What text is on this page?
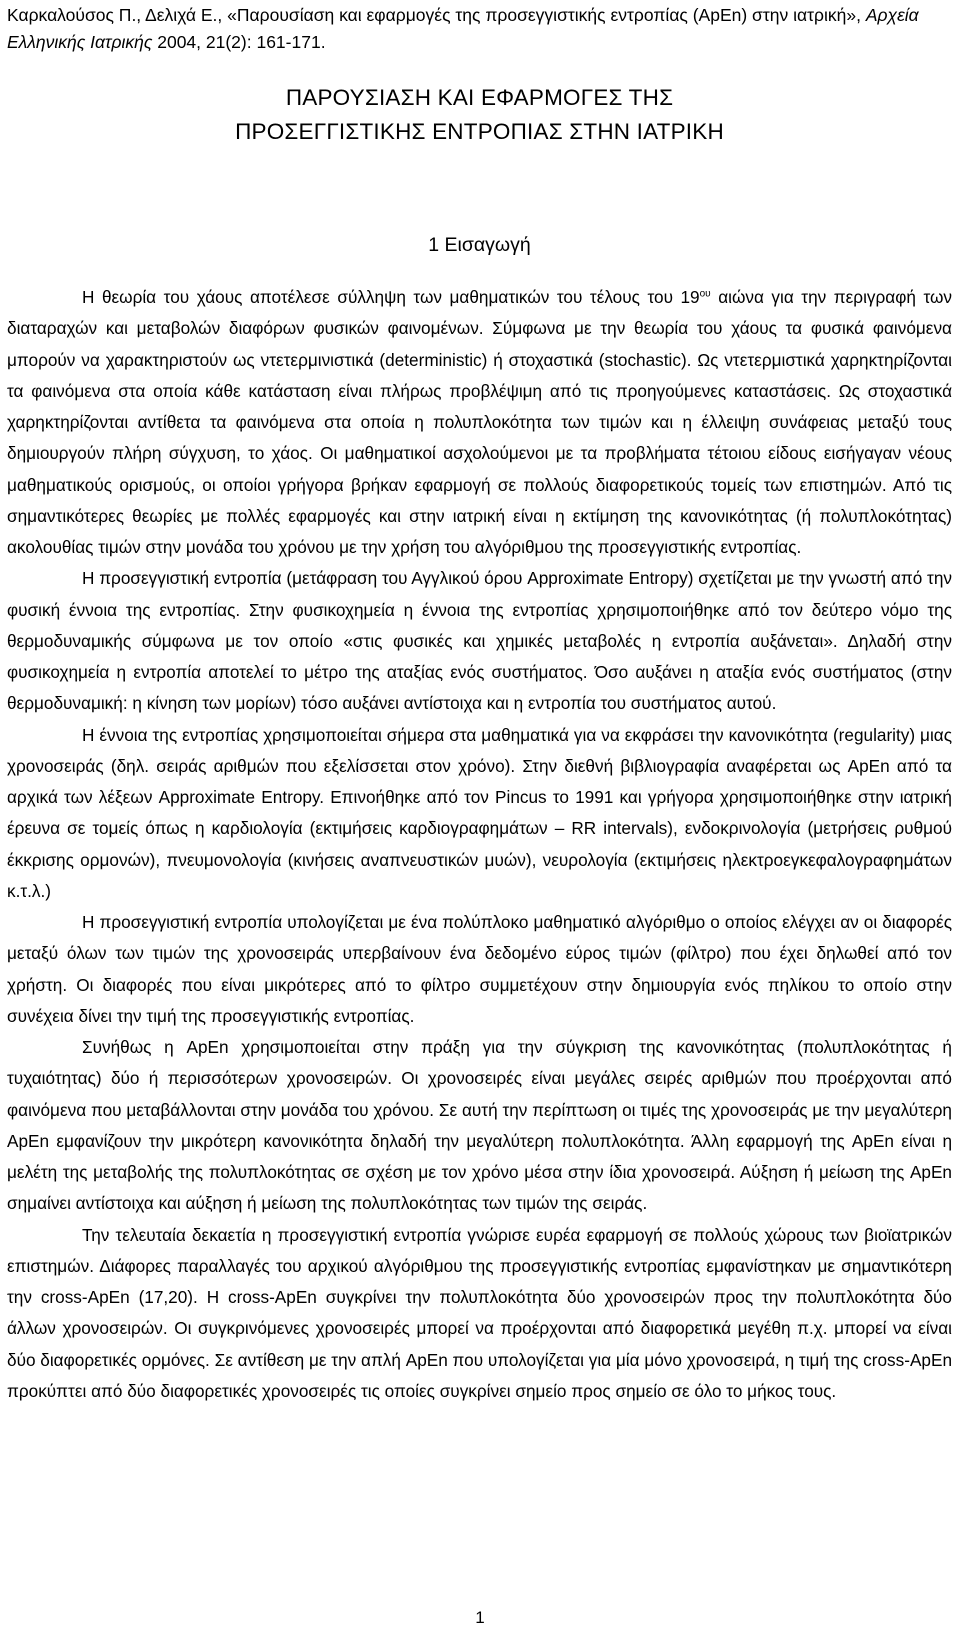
Καρκαλούσος Π., Δελιχά Ε., «Παρουσίαση και εφαρμογές της προσεγγιστικής εντροπίας (ApEn) στην ιατρική», Αρχεία Ελληνικής Ιατρικής 2004, 21(2): 161-171.

ΠΑΡΟΥΣΙΑΣΗ ΚΑΙ ΕΦΑΡΜΟΓΕΣ ΤΗΣ
ΠΡΟΣΕΓΓΙΣΤΙΚΗΣ ΕΝΤΡΟΠΙΑΣ ΣΤΗΝ ΙΑΤΡΙΚΗ
1 Εισαγωγή

Η θεωρία του χάους αποτέλεσε σύλληψη των μαθηματικών του τέλους του $19^{o\upsilon}$ αιώνα για την περιγραφή των διαταραχών και μεταβολών διαφόρων φυσικών φαινομένων. Σύμφωνα με την θεωρία του χάους τα φυσικά φαινόμενα μπορούν να χαρακτηριστούν ως ντετερμινιστικά (deterministic) ή στοχαστικά (stochastic). Ως ντετερμιστικά χαρηκτηρίζονται τα φαινόμενα στα οποία κάθε κατάσταση είναι πλήρως προβλέψιμη από τις προηγούμενες καταστάσεις. Ως στοχαστικά χαρηκτηρίζονται αντίθετα τα φαινόμενα στα οποία η πολυπλοκότητα των τιμών και η έλλειψη συνάφειας μεταξύ τους δημιουργούν πλήρη σύγχυση, το χάος. Οι μαθηματικοί ασχολούμενοι με τα προβλήματα τέτοιου είδους εισήγαγαν νέους μαθηματικούς ορισμούς, οι οποίοι γρήγορα βρήκαν εφαρμογή σε πολλούς διαφορετικούς τομείς των επιστημών. Από τις σημαντικότερες θεωρίες με πολλές εφαρμογές και στην ιατρική είναι η εκτίμηση της κανονικότητας (ή πολυπλοκότητας) ακολουθίας τιμών στην μονάδα του χρόνου με την χρήση του αλγόριθμου της προσεγγιστικής εντροπίας.

Η προσεγγιστική εντροπία (μετάφραση του Αγγλικού όρου Approximate Entropy) σχετίζεται με την γνωστή από την φυσική έννοια της εντροπίας. Στην φυσικοχημεία η έννοια της εντροπίας χρησιμοποιήθηκε από τον δεύτερο νόμο της θερμοδυναμικής σύμφωνα με τον οποίο «στις φυσικές και χημικές μεταβολές η εντροπία αυξάνεται». Δηλαδή στην φυσικοχημεία η εντροπία αποτελεί το μέτρο της αταξίας ενός συστήματος. Όσο αυξάνει η αταξία ενός συστήματος (στην θερμοδυναμική: η κίνηση των μορίων) τόσο αυξάνει αντίστοιχα και η εντροπία του συστήματος αυτού.

Η έννοια της εντροπίας χρησιμοποιείται σήμερα στα μαθηματικά για να εκφράσει την κανονικότητα (regularity) μιας χρονοσειράς (δηλ. σειράς αριθμών που εξελίσσεται στον χρόνο). Στην διεθνή βιβλιογραφία αναφέρεται ως ApEn από τα αρχικά των λέξεων Approximate Entropy. Επινοήθηκε από τον Pincus το 1991 και γρήγορα χρησιμοποιήθηκε στην ιατρική έρευνα σε τομείς όπως η καρδιολογία (εκτιμήσεις καρδιογραφημάτων – RR intervals), ενδοκρινολογία (μετρήσεις ρυθμού έκκρισης ορμονών), πνευμονολογία (κινήσεις αναπνευστικών μυών), νευρολογία (εκτιμήσεις ηλεκτροεγκεφαλογραφημάτων κ.τ.λ.)

Η προσεγγιστική εντροπία υπολογίζεται με ένα πολύπλοκο μαθηματικό αλγόριθμο ο οποίος ελέγχει αν οι διαφορές μεταξύ όλων των τιμών της χρονοσειράς υπερβαίνουν ένα δεδομένο εύρος τιμών (φίλτρο) που έχει δηλωθεί από τον χρήστη. Οι διαφορές που είναι μικρότερες από το φίλτρο συμμετέχουν στην δημιουργία ενός πηλίκου το οποίο στην συνέχεια δίνει την τιμή της προσεγγιστικής εντροπίας.

Συνήθως η ApEn χρησιμοποιείται στην πράξη για την σύγκριση της κανονικότητας (πολυπλοκότητας ή τυχαιότητας) δύο ή περισσότερων χρονοσειρών. Οι χρονοσειρές είναι μεγάλες σειρές αριθμών που προέρχονται από φαινόμενα που μεταβάλλονται στην μονάδα του χρόνου. Σε αυτή την περίπτωση οι τιμές της χρονοσειράς με την μεγαλύτερη ApEn εμφανίζουν την μικρότερη κανονικότητα δηλαδή την μεγαλύτερη πολυπλοκότητα. Άλλη εφαρμογή της ApEn είναι η μελέτη της μεταβολής της πολυπλοκότητας σε σχέση με τον χρόνο μέσα στην ίδια χρονοσειρά. Αύξηση ή μείωση της ApEn σημαίνει αντίστοιχα και αύξηση ή μείωση της πολυπλοκότητας των τιμών της σειράς.

Την τελευταία δεκαετία η προσεγγιστική εντροπία γνώρισε ευρέα εφαρμογή σε πολλούς χώρους των βιοϊατρικών επιστημών. Διάφορες παραλλαγές του αρχικού αλγόριθμου της προσεγγιστικής εντροπίας εμφανίστηκαν με σημαντικότερη την cross-ApEn (17,20). Η cross-ApEn συγκρίνει την πολυπλοκότητα δύο χρονοσειρών προς την πολυπλοκότητα δύο άλλων χρονοσειρών. Οι συγκρινόμενες χρονοσειρές μπορεί να προέρχονται από διαφορετικά μεγέθη π.χ. μπορεί να είναι δύο διαφορετικές ορμόνες. Σε αντίθεση με την απλή ApEn που υπολογίζεται για μία μόνο χρονοσειρά, η τιμή της cross-ApEn προκύπτει από δύο διαφορετικές χρονοσειρές τις οποίες συγκρίνει σημείο προς σημείο σε όλο το μήκος τους.

1
